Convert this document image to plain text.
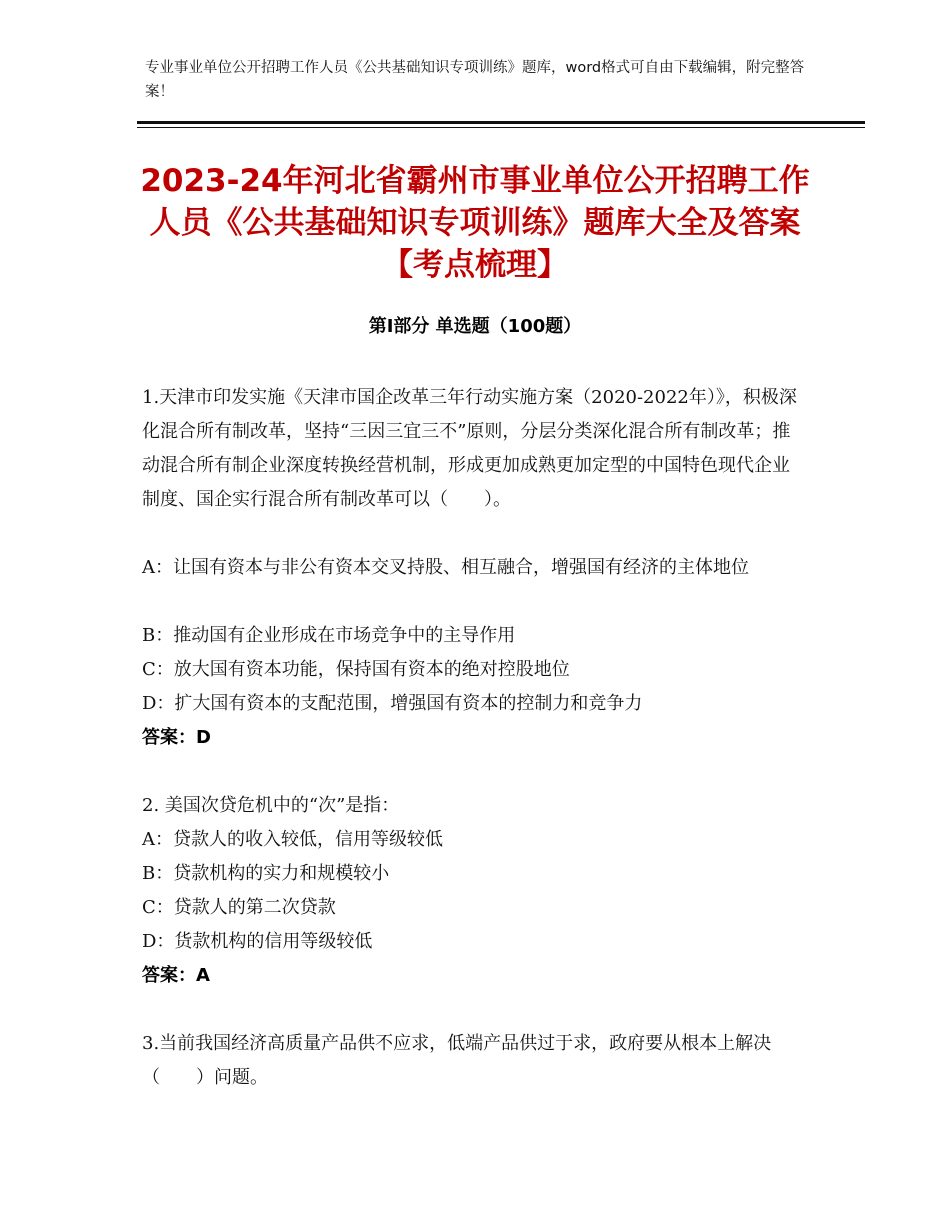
专业事业单位公开招聘工作人员《公共基础知识专项训练》题库，word格式可自由下载编辑，附完整答案！
2023-24年河北省霸州市事业单位公开招聘工作人员《公共基础知识专项训练》题库大全及答案【考点梳理】
第Ⅰ部分 单选题（100题）
1.天津市印发实施《天津市国企改革三年行动实施方案（2020-2022年）》，积极深化混合所有制改革，坚持“三因三宜三不”原则，分层分类深化混合所有制改革；推动混合所有制企业深度转换经营机制，形成更加成熟更加定型的中国特色现代企业制度、国企实行混合所有制改革可以（　　）。
A：让国有资本与非公有资本交叉持股、相互融合，增强国有经济的主体地位
B：推动国有企业形成在市场竞争中的主导作用
C：放大国有资本功能，保持国有资本的绝对控股地位
D：扩大国有资本的支配范围，增强国有资本的控制力和竞争力
答案：D
2. 美国次贷危机中的“次”是指：
A：贷款人的收入较低，信用等级较低
B：贷款机构的实力和规模较小
C：贷款人的第二次贷款
D：货款机构的信用等级较低
答案：A
3.当前我国经济高质量产品供不应求，低端产品供过于求，政府要从根本上解决（　　）问题。
